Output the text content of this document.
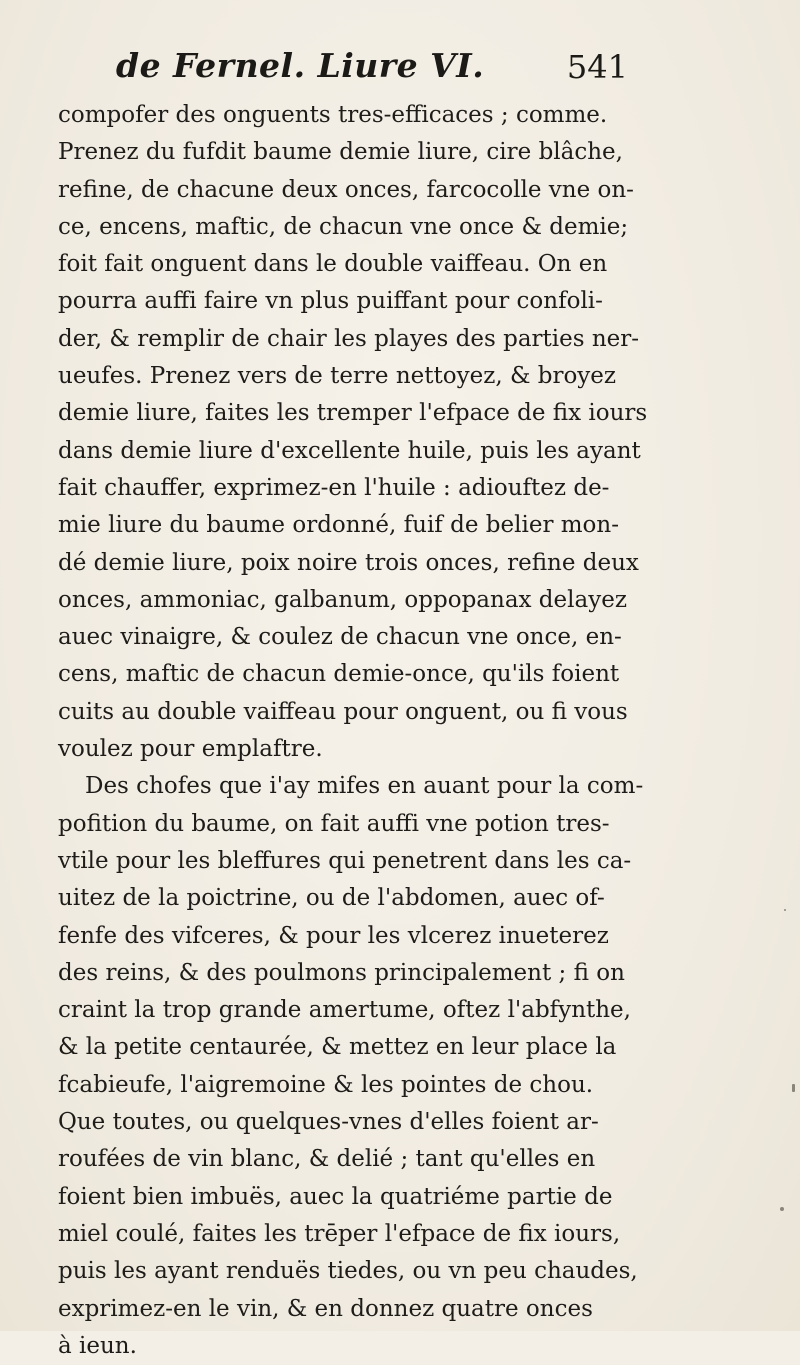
de Fernel. Liure VI.	541
compofer des onguents tres-efficaces ; comme.
Prenez du fufdit baume demie liure, cire blâche,
refine, de chacune deux onces, farcocolle vne on-
ce, encens, maftic, de chacun vne once & demie;
foit fait onguent dans le double vaiffeau. On en
pourra auffi faire vn plus puiffant pour confoli-
der, & remplir de chair les playes des parties ner-
ueufes. Prenez vers de terre nettoyez, & broyez
demie liure, faites les tremper l'efpace de fix iours
dans demie liure d'excellente huile, puis les ayant
fait chauffer, exprimez-en l'huile : adiouftez de-
mie liure du baume ordonné, fuif de belier mon-
dé demie liure, poix noire trois onces, refine deux
onces, ammoniac, galbanum, oppopanax delayez
auec vinaigre, & coulez de chacun vne once, en-
cens, maftic de chacun demie-once, qu'ils foient
cuits au double vaiffeau pour onguent, ou fi vous
voulez pour emplaftre.
Des chofes que i'ay mifes en auant pour la com-
pofition du baume, on fait auffi vne potion tres-
vtile pour les bleffures qui penetrent dans les ca-
uitez de la poictrine, ou de l'abdomen, auec of-
fenfe des vifceres, & pour les vlcerez inueterez
des reins, & des poulmons principalement ; fi on
craint la trop grande amertume, oftez l'abfynthe,
& la petite centaurée, & mettez en leur place la
fcabieufe, l'aigremoine & les pointes de chou.
Que toutes, ou quelques-vnes d'elles foient ar-
roufées de vin blanc, & delié ; tant qu'elles en
foient bien imbuës, auec la quatriéme partie de
miel coulé, faites les trēper l'efpace de fix iours,
puis les ayant renduës tiedes, ou vn peu chaudes,
exprimez-en le vin, & en donnez quatre onces
à ieun.
